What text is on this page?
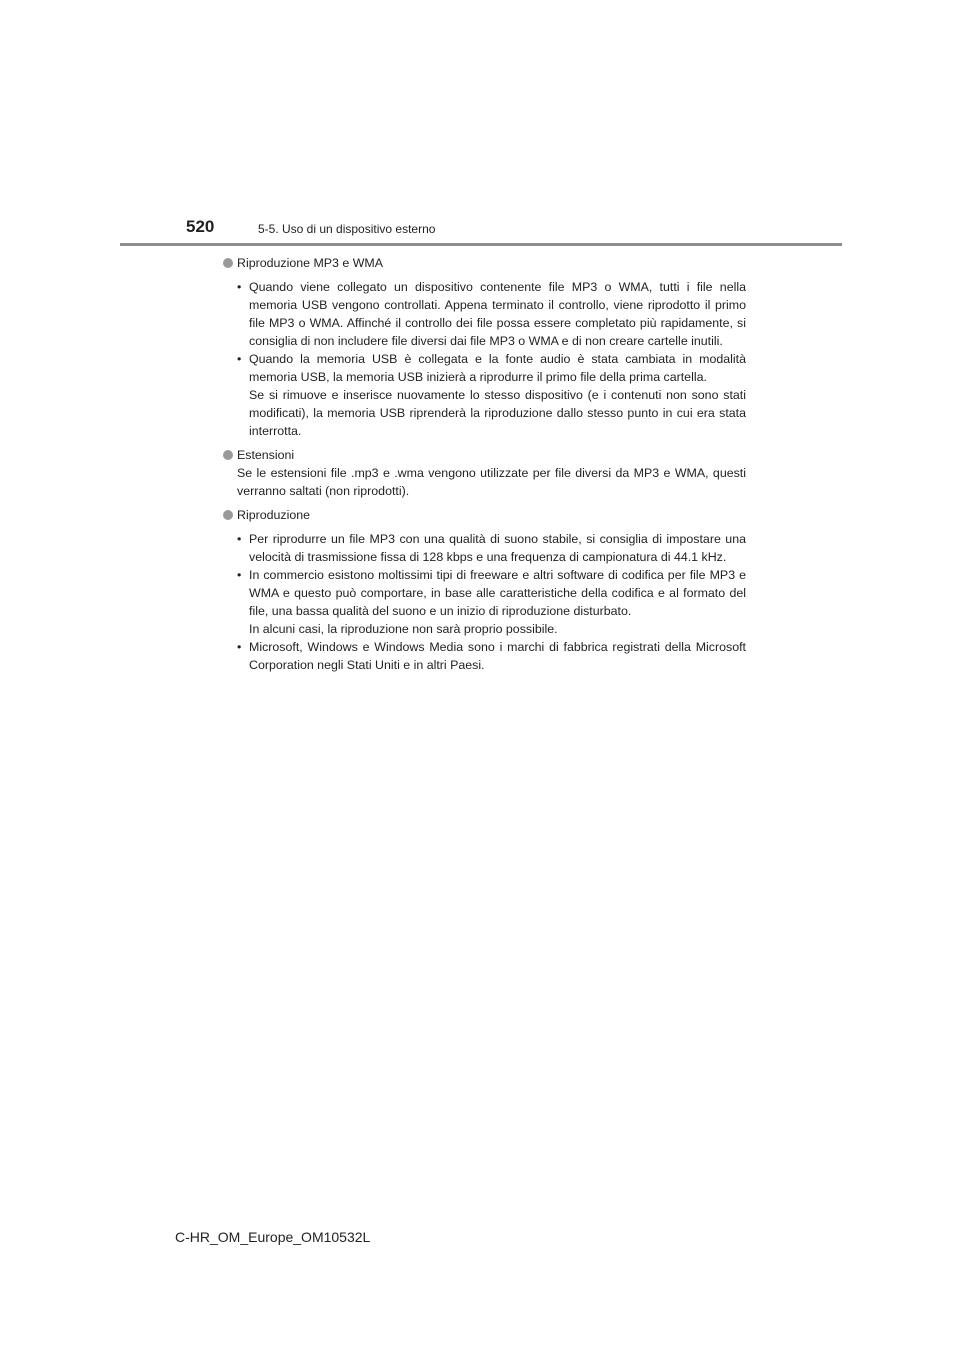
520	5-5. Uso di un dispositivo esterno
Riproduzione MP3 e WMA
• Quando viene collegato un dispositivo contenente file MP3 o WMA, tutti i file nella memoria USB vengono controllati. Appena terminato il controllo, viene riprodotto il primo file MP3 o WMA. Affinché il controllo dei file possa essere completato più rapidamente, si consiglia di non includere file diversi dai file MP3 o WMA e di non creare cartelle inutili.

• Quando la memoria USB è collegata e la fonte audio è stata cambiata in modalità memoria USB, la memoria USB inizierà a riprodurre il primo file della prima cartella.

Se si rimuove e inserisce nuovamente lo stesso dispositivo (e i contenuti non sono stati modificati), la memoria USB riprenderà la riproduzione dallo stesso punto in cui era stata interrotta.

Estensioni
Se le estensioni file .mp3 e .wma vengono utilizzate per file diversi da MP3 e WMA, questi verranno saltati (non riprodotti).
Riproduzione
• Per riprodurre un file MP3 con una qualità di suono stabile, si consiglia di impostare una velocità di trasmissione fissa di 128 kbps e una frequenza di campionatura di 44.1 kHz.

• In commercio esistono moltissimi tipi di freeware e altri software di codifica per file MP3 e WMA e questo può comportare, in base alle caratteristiche della codifica e al formato del file, una bassa qualità del suono e un inizio di riproduzione disturbato.

In alcuni casi, la riproduzione non sarà proprio possibile.

• Microsoft, Windows e Windows Media sono i marchi di fabbrica registrati della Microsoft Corporation negli Stati Uniti e in altri Paesi.

C-HR_OM_Europe_OM10532L
